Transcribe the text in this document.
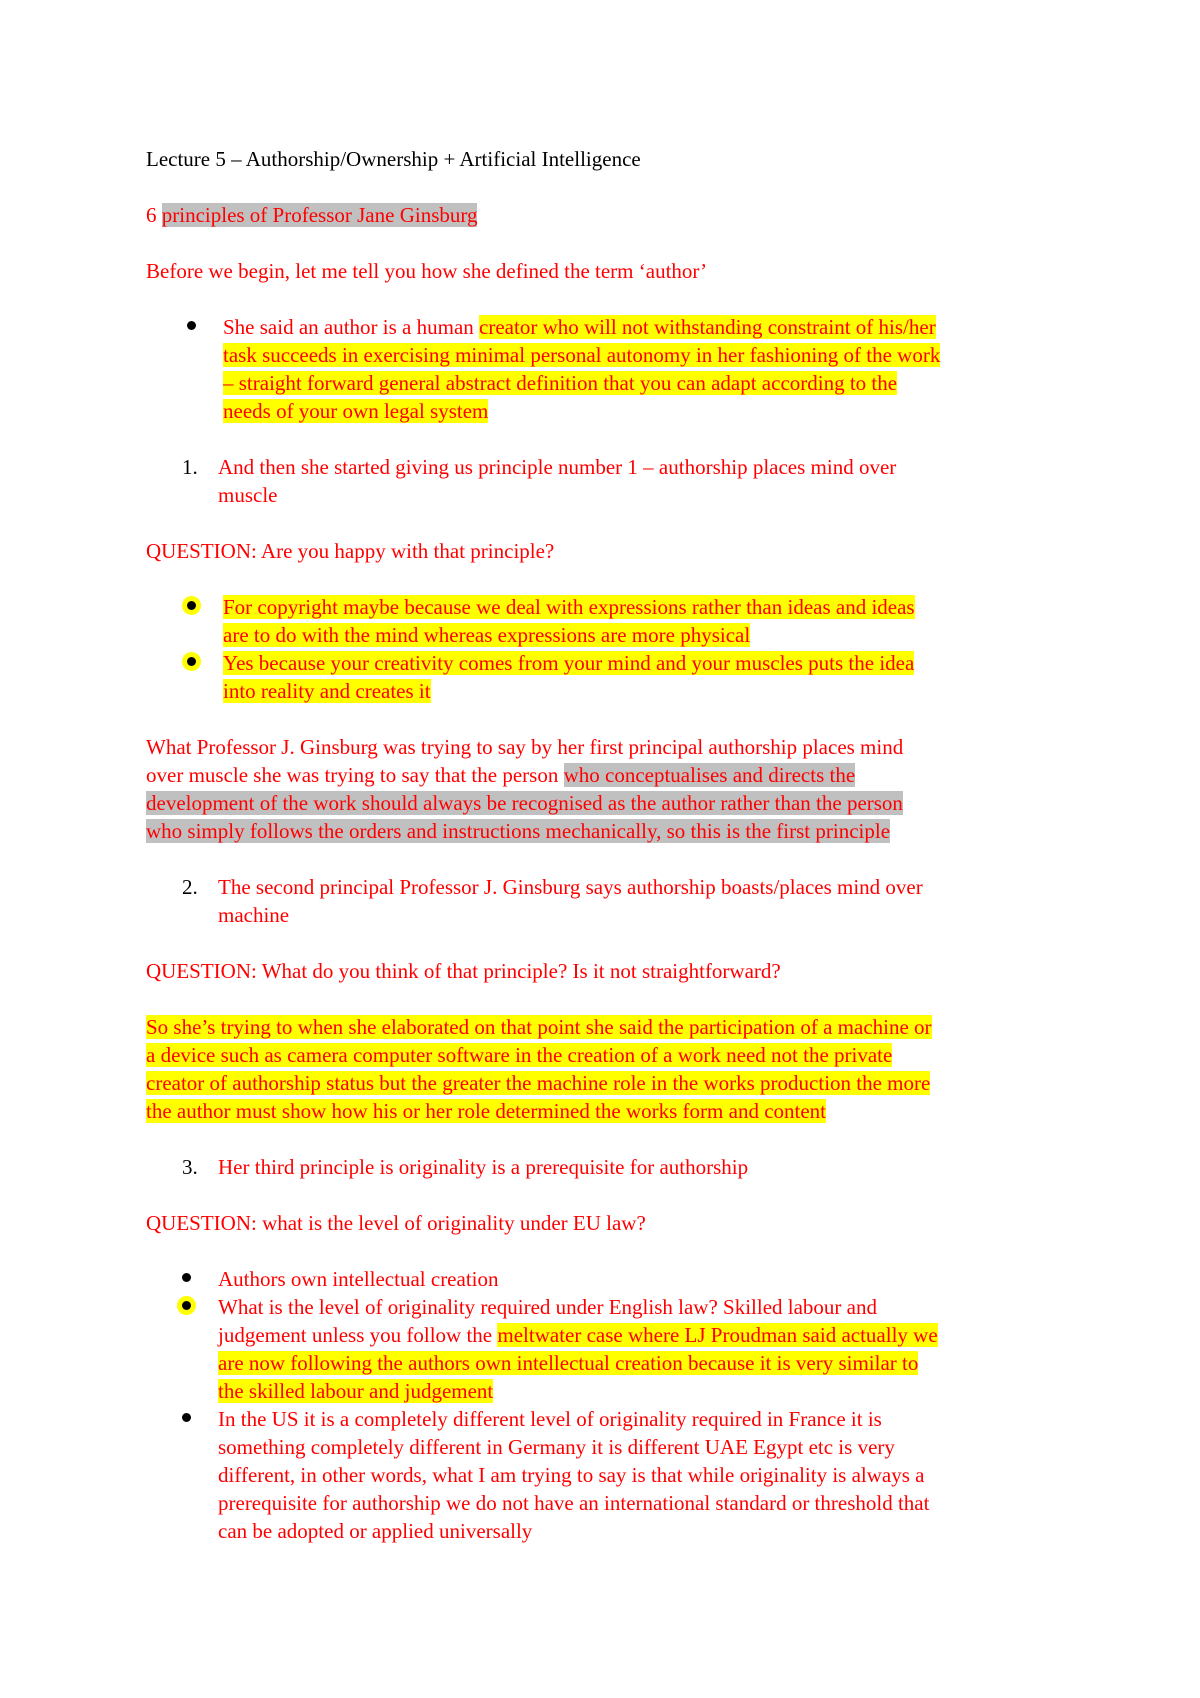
Lecture 5 – Authorship/Ownership + Artificial Intelligence
6 principles of Professor Jane Ginsburg
Before we begin, let me tell you how she defined the term ‘author’
She said an author is a human creator who will not withstanding constraint of his/her
task succeeds in exercising minimal personal autonomy in her fashioning of the work
– straight forward general abstract definition that you can adapt according to the
needs of your own legal system
1. And then she started giving us principle number 1 – authorship places mind over
muscle
QUESTION: Are you happy with that principle?
For copyright maybe because we deal with expressions rather than ideas and ideas
are to do with the mind whereas expressions are more physical
Yes because your creativity comes from your mind and your muscles puts the idea
into reality and creates it
What Professor J. Ginsburg was trying to say by her first principal authorship places mind
over muscle she was trying to say that the person who conceptualises and directs the
development of the work should always be recognised as the author rather than the person
who simply follows the orders and instructions mechanically, so this is the first principle
2. The second principal Professor J. Ginsburg says authorship boasts/places mind over
machine
QUESTION: What do you think of that principle? Is it not straightforward?
So she’s trying to when she elaborated on that point she said the participation of a machine or
a device such as camera computer software in the creation of a work need not the private
creator of authorship status but the greater the machine role in the works production the more
the author must show how his or her role determined the works form and content
3. Her third principle is originality is a prerequisite for authorship
QUESTION: what is the level of originality under EU law?
Authors own intellectual creation
What is the level of originality required under English law? Skilled labour and
judgement unless you follow the meltwater case where LJ Proudman said actually we
are now following the authors own intellectual creation because it is very similar to
the skilled labour and judgement
In the US it is a completely different level of originality required in France it is
something completely different in Germany it is different UAE Egypt etc is very
different, in other words, what I am trying to say is that while originality is always a
prerequisite for authorship we do not have an international standard or threshold that
can be adopted or applied universally
